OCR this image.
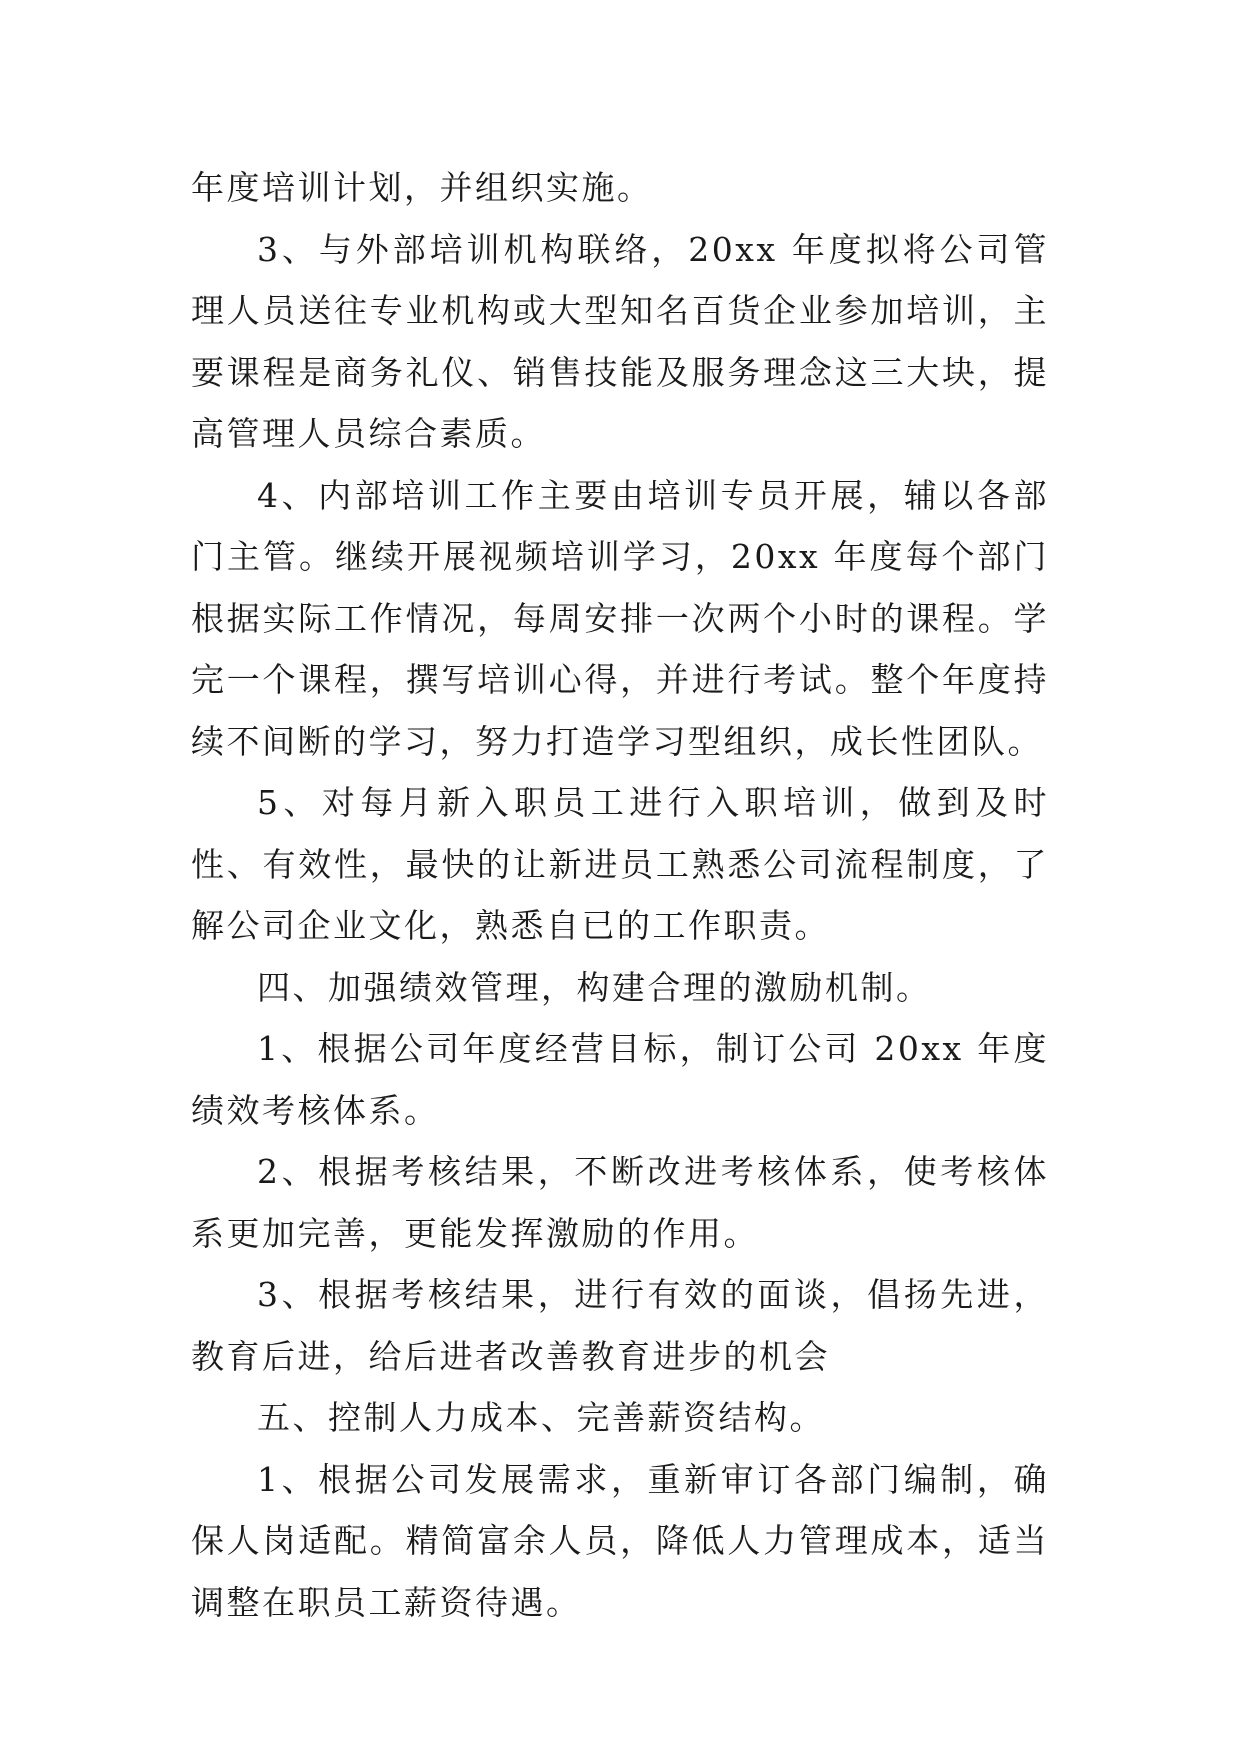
年度培训计划，并组织实施。

3、与外部培训机构联络，20xx 年度拟将公司管理人员送往专业机构或大型知名百货企业参加培训，主要课程是商务礼仪、销售技能及服务理念这三大块，提高管理人员综合素质。

4、内部培训工作主要由培训专员开展，辅以各部门主管。继续开展视频培训学习，20xx 年度每个部门根据实际工作情况，每周安排一次两个小时的课程。学完一个课程，撰写培训心得，并进行考试。整个年度持续不间断的学习，努力打造学习型组织，成长性团队。

5、对每月新入职员工进行入职培训，做到及时性、有效性，最快的让新进员工熟悉公司流程制度，了解公司企业文化，熟悉自已的工作职责。

四、加强绩效管理，构建合理的激励机制。

1、根据公司年度经营目标，制订公司 20xx 年度绩效考核体系。

2、根据考核结果，不断改进考核体系，使考核体系更加完善，更能发挥激励的作用。

3、根据考核结果，进行有效的面谈，倡扬先进，教育后进，给后进者改善教育进步的机会

五、控制人力成本、完善薪资结构。

1、根据公司发展需求，重新审订各部门编制，确保人岗适配。精简富余人员，降低人力管理成本，适当调整在职员工薪资待遇。
